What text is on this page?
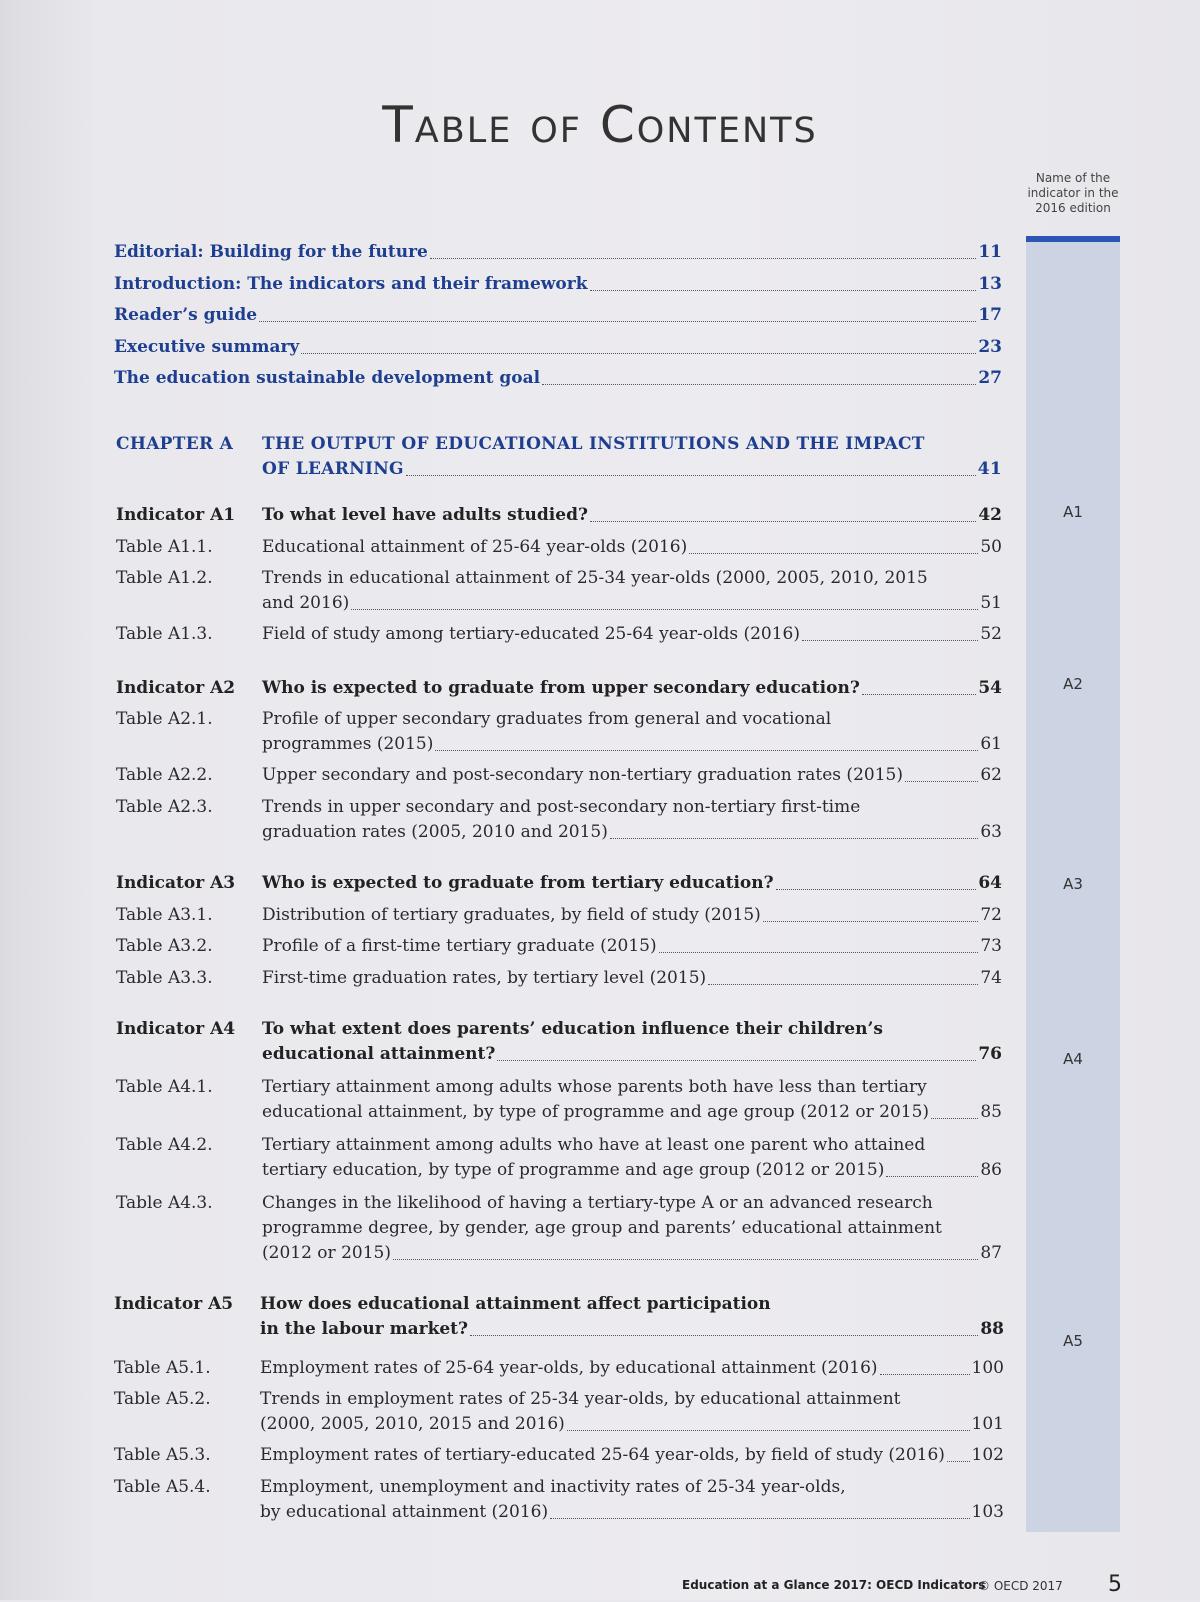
Table of Contents
Name of the indicator in the 2016 edition
Editorial: Building for the future	11
Introduction: The indicators and their framework	13
Reader’s guide	17
Executive summary	23
The education sustainable development goal	27
CHAPTER A	THE OUTPUT OF EDUCATIONAL INSTITUTIONS AND THE IMPACT
OF LEARNING	41
Indicator A1	To what level have adults studied?	42
Table A1.1.	Educational attainment of 25-64 year-olds (2016)	50
Table A1.2.	Trends in educational attainment of 25-34 year-olds (2000, 2005, 2010, 2015
and 2016)	51
Table A1.3.	Field of study among tertiary-educated 25-64 year-olds (2016)	52
Indicator A2	Who is expected to graduate from upper secondary education?	54
Table A2.1.	Profile of upper secondary graduates from general and vocational
programmes (2015)	61
Table A2.2.	Upper secondary and post-secondary non-tertiary graduation rates (2015)	62
Table A2.3.	Trends in upper secondary and post-secondary non-tertiary first-time
graduation rates (2005, 2010 and 2015)	63
Indicator A3	Who is expected to graduate from tertiary education?	64
Table A3.1.	Distribution of tertiary graduates, by field of study (2015)	72
Table A3.2.	Profile of a first-time tertiary graduate (2015)	73
Table A3.3.	First-time graduation rates, by tertiary level (2015)	74
Indicator A4	To what extent does parents’ education influence their children’s
educational attainment?	76
Table A4.1.	Tertiary attainment among adults whose parents both have less than tertiary
educational attainment, by type of programme and age group (2012 or 2015)	85
Table A4.2.	Tertiary attainment among adults who have at least one parent who attained
tertiary education, by type of programme and age group (2012 or 2015)	86
Table A4.3.	Changes in the likelihood of having a tertiary-type A or an advanced research
programme degree, by gender, age group and parents’ educational attainment
(2012 or 2015)	87
Indicator A5	How does educational attainment affect participation
in the labour market?	88
Table A5.1.	Employment rates of 25-64 year-olds, by educational attainment (2016)	100
Table A5.2.	Trends in employment rates of 25-34 year-olds, by educational attainment
(2000, 2005, 2010, 2015 and 2016)	101
Table A5.3.	Employment rates of tertiary-educated 25-64 year-olds, by field of study (2016) 102
Table A5.4.	Employment, unemployment and inactivity rates of 25-34 year-olds,
by educational attainment (2016)	103
Education at a Glance 2017: OECD Indicators
© OECD 2017 5
A1
A2
A3
A4
A5
